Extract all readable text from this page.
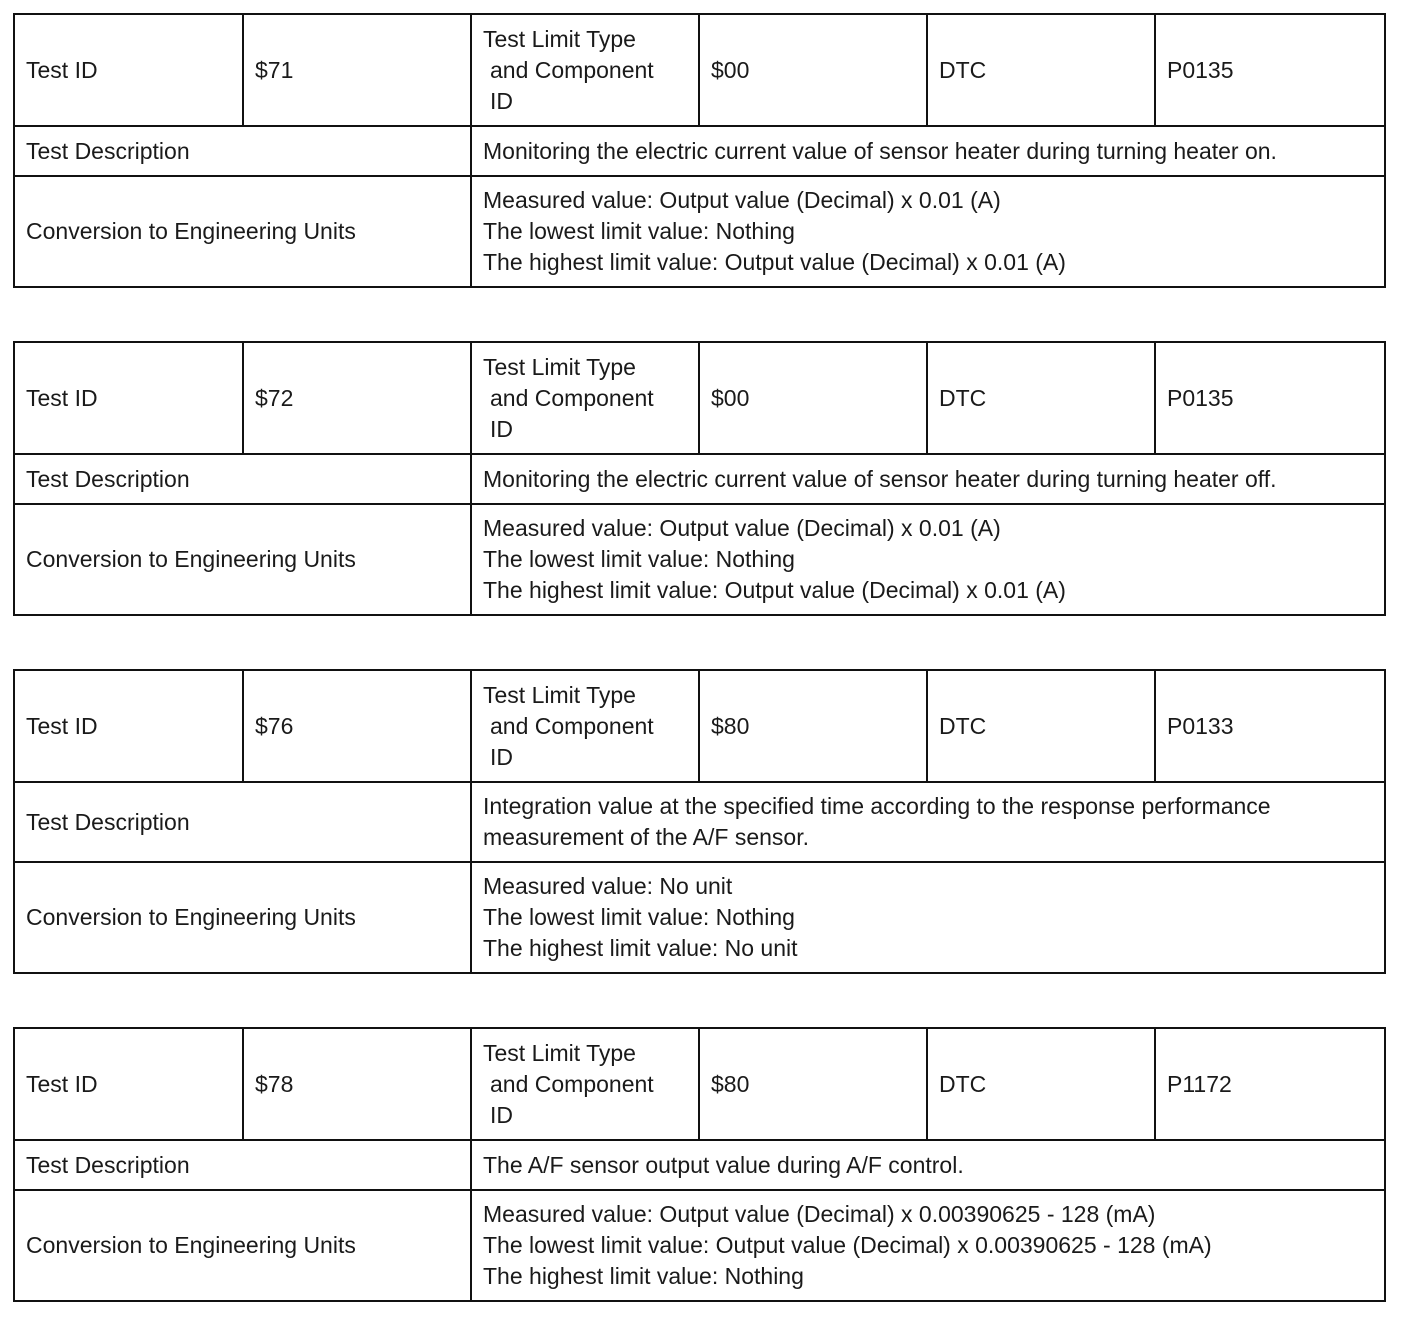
Test ID	$71	Test Limit Type
and Component
ID	$00	DTC	P0135
Test Description		Monitoring the electric current value of sensor heater during turning heater on.			

Conversion to Engineering Units		Measured value: Output value (Decimal) x 0.01 (A)
The lowest limit value: Nothing
The highest limit value: Output value (Decimal) x 0.01 (A)			
Test ID	$72	Test Limit Type
and Component
ID	$00	DTC	P0135
Test Description		Monitoring the electric current value of sensor heater during turning heater off.			

Conversion to Engineering Units		Measured value: Output value (Decimal) x 0.01 (A)
The lowest limit value: Nothing
The highest limit value: Output value (Decimal) x 0.01 (A)			
Test ID	$76	Test Limit Type
and Component
ID	$80	DTC	P0133
Test Description		Integration value at the specified time according to the response performance
measurement of the A/F sensor.			

Conversion to Engineering Units		Measured value: No unit
The lowest limit value: Nothing
The highest limit value: No unit			
Test ID	$78	Test Limit Type
and Component
ID	$80	DTC	P1172
Test Description		The A/F sensor output value during A/F control.			

Conversion to Engineering Units		Measured value: Output value (Decimal) x 0.00390625 - 128 (mA)
The lowest limit value: Output value (Decimal) x 0.00390625 - 128 (mA)
The highest limit value: Nothing			
